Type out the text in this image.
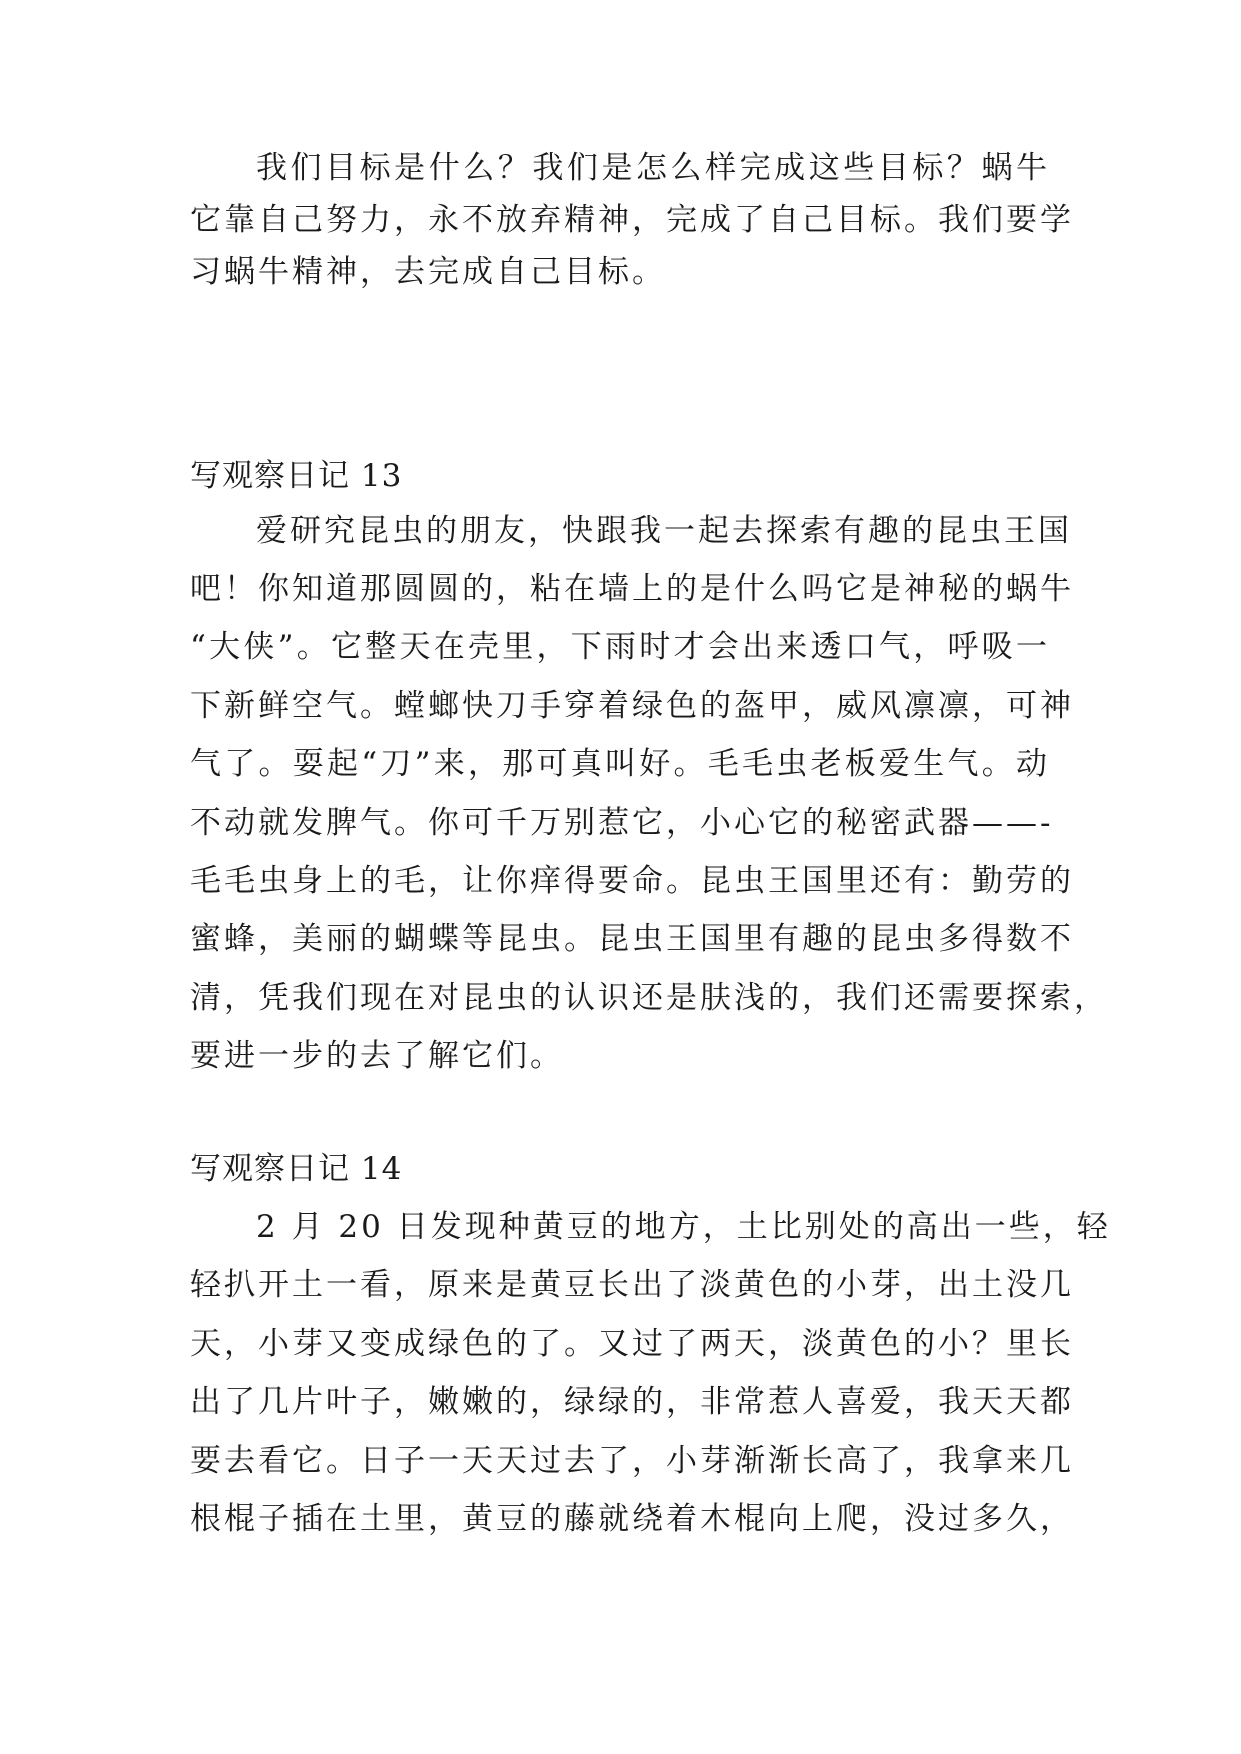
我们目标是什么？我们是怎么样完成这些目标？蜗牛
它靠自己努力，永不放弃精神，完成了自己目标。我们要学
习蜗牛精神，去完成自己目标。
写观察日记 13
爱研究昆虫的朋友，快跟我一起去探索有趣的昆虫王国
吧！你知道那圆圆的，粘在墙上的是什么吗它是神秘的蜗牛
“大侠”。它整天在壳里，下雨时才会出来透口气，呼吸一
下新鲜空气。螳螂快刀手穿着绿色的盔甲，威风凛凛，可神
气了。耍起“刀”来，那可真叫好。毛毛虫老板爱生气。动
不动就发脾气。你可千万别惹它，小心它的秘密武器——-
毛毛虫身上的毛，让你痒得要命。昆虫王国里还有：勤劳的
蜜蜂，美丽的蝴蝶等昆虫。昆虫王国里有趣的昆虫多得数不
清，凭我们现在对昆虫的认识还是肤浅的，我们还需要探索，
要进一步的去了解它们。
写观察日记 14
2 月 20 日发现种黄豆的地方，土比别处的高出一些，轻
轻扒开土一看，原来是黄豆长出了淡黄色的小芽，出土没几
天，小芽又变成绿色的了。又过了两天，淡黄色的小？里长
出了几片叶子，嫩嫩的，绿绿的，非常惹人喜爱，我天天都
要去看它。日子一天天过去了，小芽渐渐长高了，我拿来几
根棍子插在土里，黄豆的藤就绕着木棍向上爬，没过多久，
